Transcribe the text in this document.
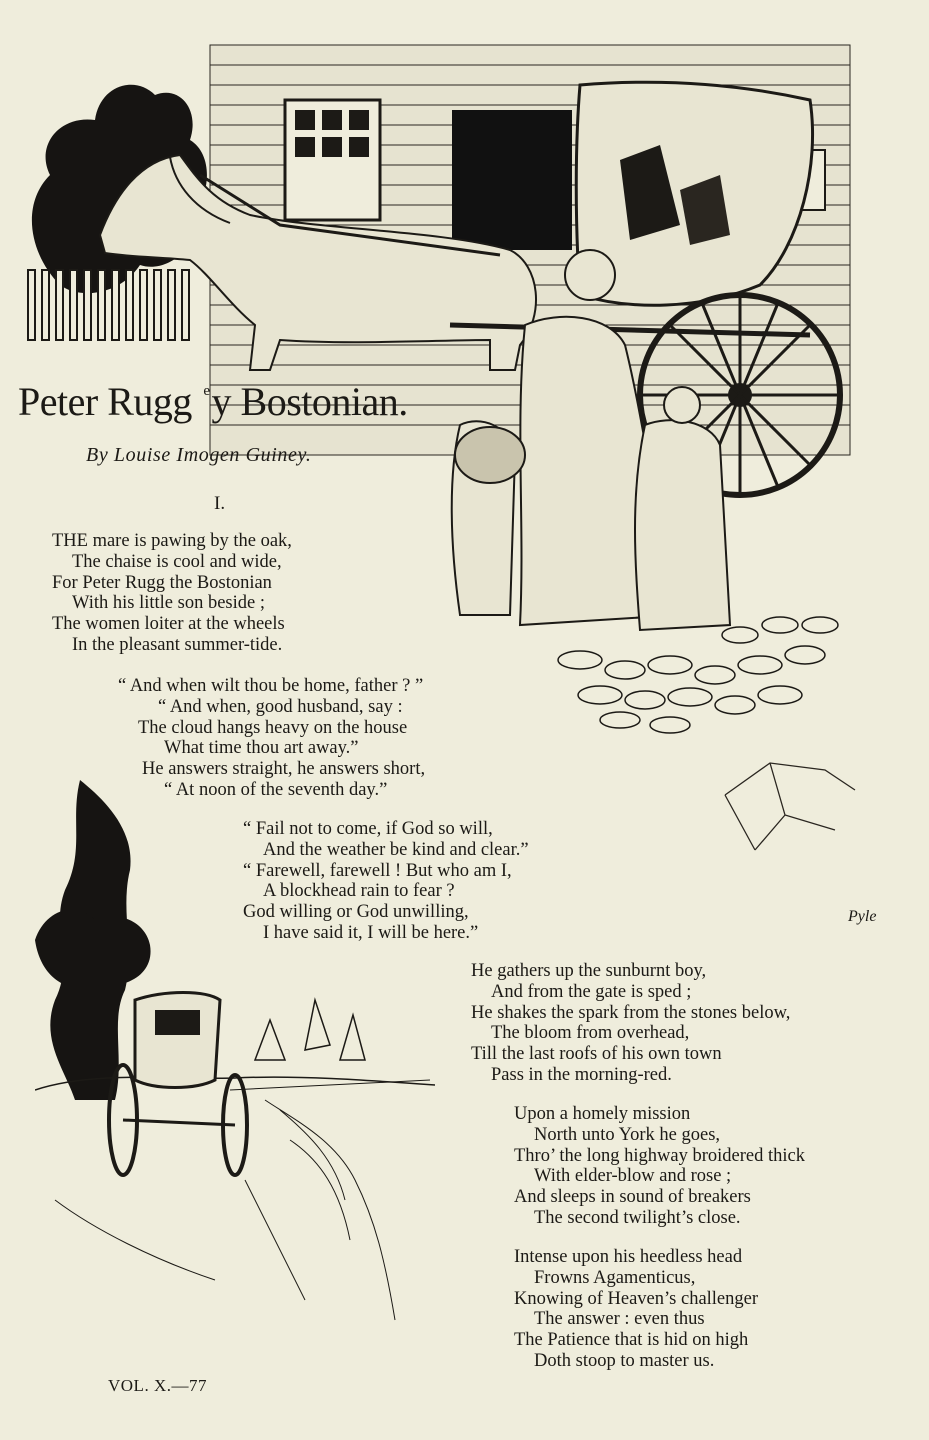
Peter Rugg $^e$y Bostonian.
By Louise Imogen Guiney.
I.
THE mare is pawing by the oak,
The chaise is cool and wide,
For Peter Rugg the Bostonian
With his little son beside ;
The women loiter at the wheels
In the pleasant summer-tide.
“ And when wilt thou be home, father ? ”
“ And when, good husband, say :
The cloud hangs heavy on the house
What time thou art away.”
He answers straight, he answers short,
“ At noon of the seventh day.”
“ Fail not to come, if God so will,
And the weather be kind and clear.”
“ Farewell, farewell ! But who am I,
A blockhead rain to fear ?
God willing or God unwilling,
I have said it, I will be here.”
Pyle
He gathers up the sunburnt boy,
And from the gate is sped ;
He shakes the spark from the stones below,
The bloom from overhead,
Till the last roofs of his own town
Pass in the morning-red.
Upon a homely mission
North unto York he goes,
Thro’ the long highway broidered thick
With elder-blow and rose ;
And sleeps in sound of breakers
The second twilight’s close.
Intense upon his heedless head
Frowns Agamenticus,
Knowing of Heaven’s challenger
The answer : even thus
The Patience that is hid on high
Doth stoop to master us.
VOL. X.—77
